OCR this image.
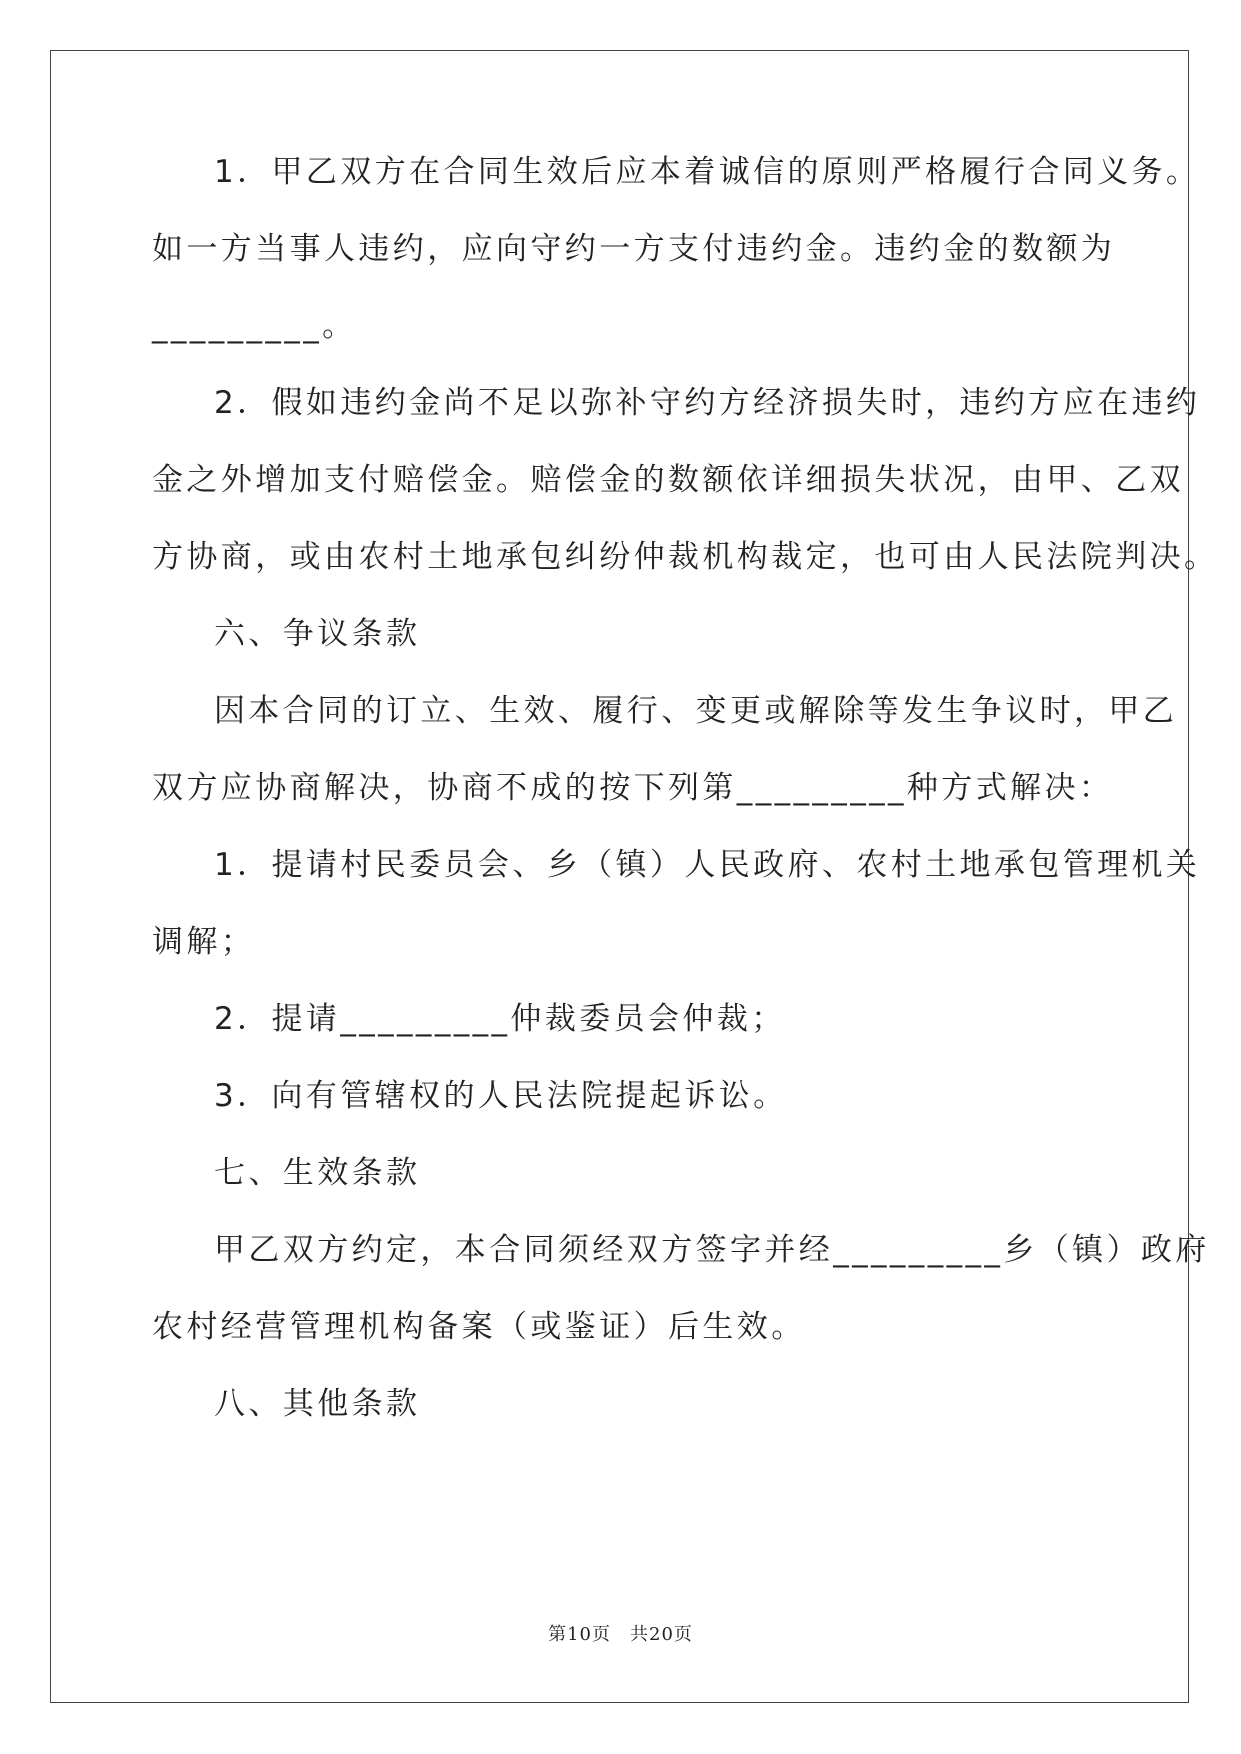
1．甲乙双方在合同生效后应本着诚信的原则严格履行合同义务。

如一方当事人违约，应向守约一方支付违约金。违约金的数额为

_________。

2．假如违约金尚不足以弥补守约方经济损失时，违约方应在违约

金之外增加支付赔偿金。赔偿金的数额依详细损失状况，由甲、乙双

方协商，或由农村土地承包纠纷仲裁机构裁定，也可由人民法院判决。

六、争议条款

因本合同的订立、生效、履行、变更或解除等发生争议时，甲乙

双方应协商解决，协商不成的按下列第_________种方式解决：

1．提请村民委员会、乡（镇）人民政府、农村土地承包管理机关

调解；

2．提请_________仲裁委员会仲裁；

3．向有管辖权的人民法院提起诉讼。

七、生效条款

甲乙双方约定，本合同须经双方签字并经_________乡（镇）政府

农村经营管理机构备案（或鉴证）后生效。

八、其他条款

第10页　共20页
